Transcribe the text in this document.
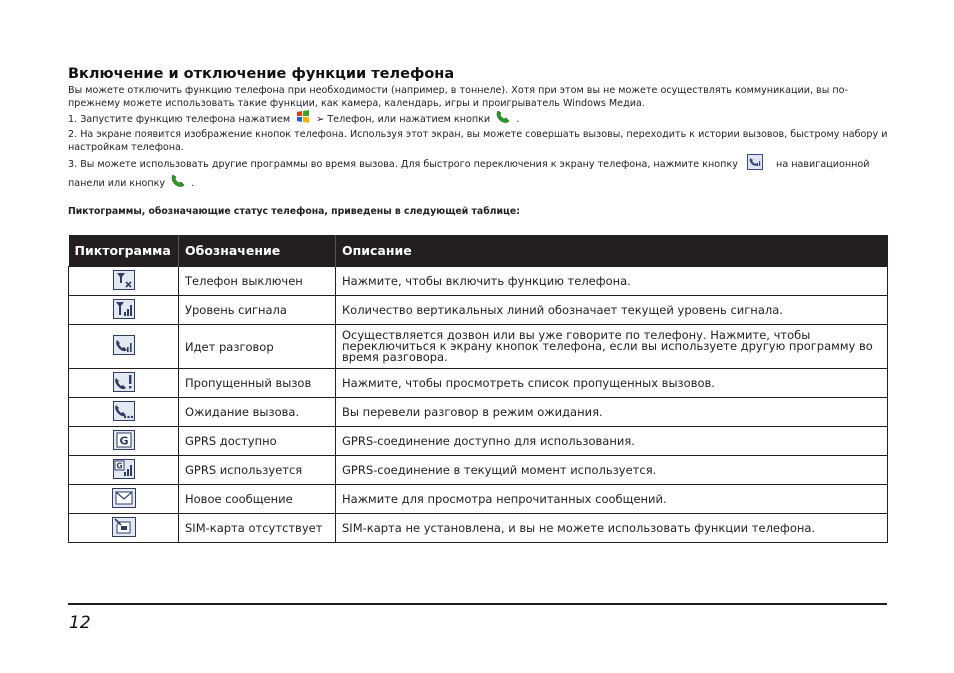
Включение и отключение функции телефона

Вы можете отключить функцию телефона при необходимости (например, в тоннеле). Хотя при этом вы не можете осуществлять коммуникации, вы по-прежнему можете использовать такие функции, как камера, календарь, игры и проигрыватель Windows Медиа.

1. Запустите функцию телефона нажатием	➢ Телефон, или нажатием кнопки	.

2. На экране появится изображение кнопок телефона. Используя этот экран, вы можете совершать вызовы, переходить к истории вызовов, быстрому набору и настройкам телефона.

3. Вы можете использовать другие программы во время вызова. Для быстрого переключения к экрану телефона, нажмите кнопку	на навигационной панели или кнопку	.

Пиктограммы, обозначающие статус телефона, приведены в следующей таблице:
Пиктограмма	Обозначение	Описание
	Телефон выключен	Нажмите, чтобы включить функцию телефона.
	Уровень сигнала	Количество вертикальных линий обозначает текущей уровень сигнала.
	Идет разговор	Осуществляется дозвон или вы уже говорите по телефону. Нажмите, чтобы переключиться к экрану кнопок телефона, если вы используете другую программу во время разговора.
	Пропущенный вызов	Нажмите, чтобы просмотреть список пропущенных вызовов.
	Ожидание вызова.	Вы перевели разговор в режим ожидания.

G	GPRS доступно	GPRS-соединение доступно для использования.

G	GPRS используется	GPRS-соединение в текущий момент используется.
	Новое сообщение	Нажмите для просмотра непрочитанных сообщений.
	SIM-карта отсутствует	SIM-карта не установлена, и вы не можете использовать функции телефона.
12
